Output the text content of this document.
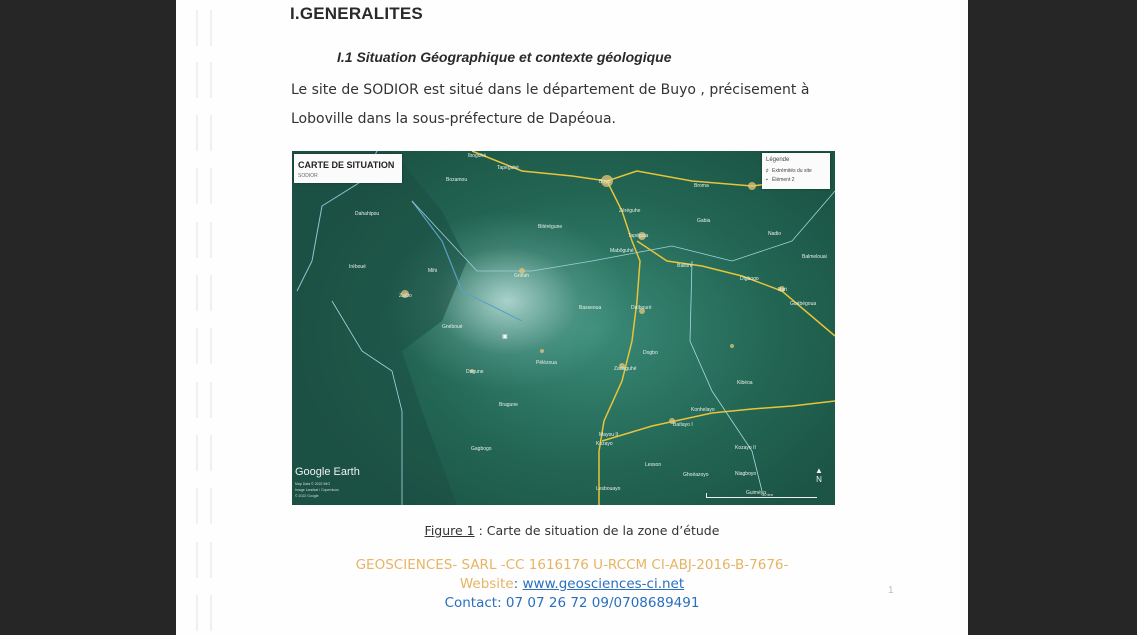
I.GENERALITES
I.1 Situation Géographique et contexte géologique
Le site de SODIOR est situé dans le département de Buyo , précisement à Loboville dans la sous-préfecture de Dapéoua.
CARTE DE SITUATION
SODIOR
Légende
♯ Extrémités du site
▪ Élément 2
Iboguhé
Tapeguhé
Bozamou
Dahahipou
Buyo
Broma
Zéréguhe
Gabia
Bitérégune
Tapéguia	Nadio
Mabôguhé
Balibre
Balmelouai
Iréboué
Mihi
Gnéah	Digbogo
Bari
Zaïbo
Basseoua	Daïbouré
Guébégoua
Gnéboué
Dogbo
Dogune
Pélézoua
Zadaguhé
Kibéoa
Bragune
Konhelayo
Mayou II
Baïtayo I
Kozayo
Kozayo II
Gagbogo
Lesson
Ghoéazoyo	Niagboyo
Lesbouayo
Guiméyo
▣
Google Earth
Map Data © 2022 IMG
Image Landsat / Copernicus
© 2022 Google
▲
N
30 km
Figure 1 : Carte de situation de la zone d’étude
GEOSCIENCES- SARL -CC 1616176 U-RCCM CI-ABJ-2016-B-7676-
Website: www.geosciences-ci.net
Contact: 07 07 26 72 09/0708689491
1
